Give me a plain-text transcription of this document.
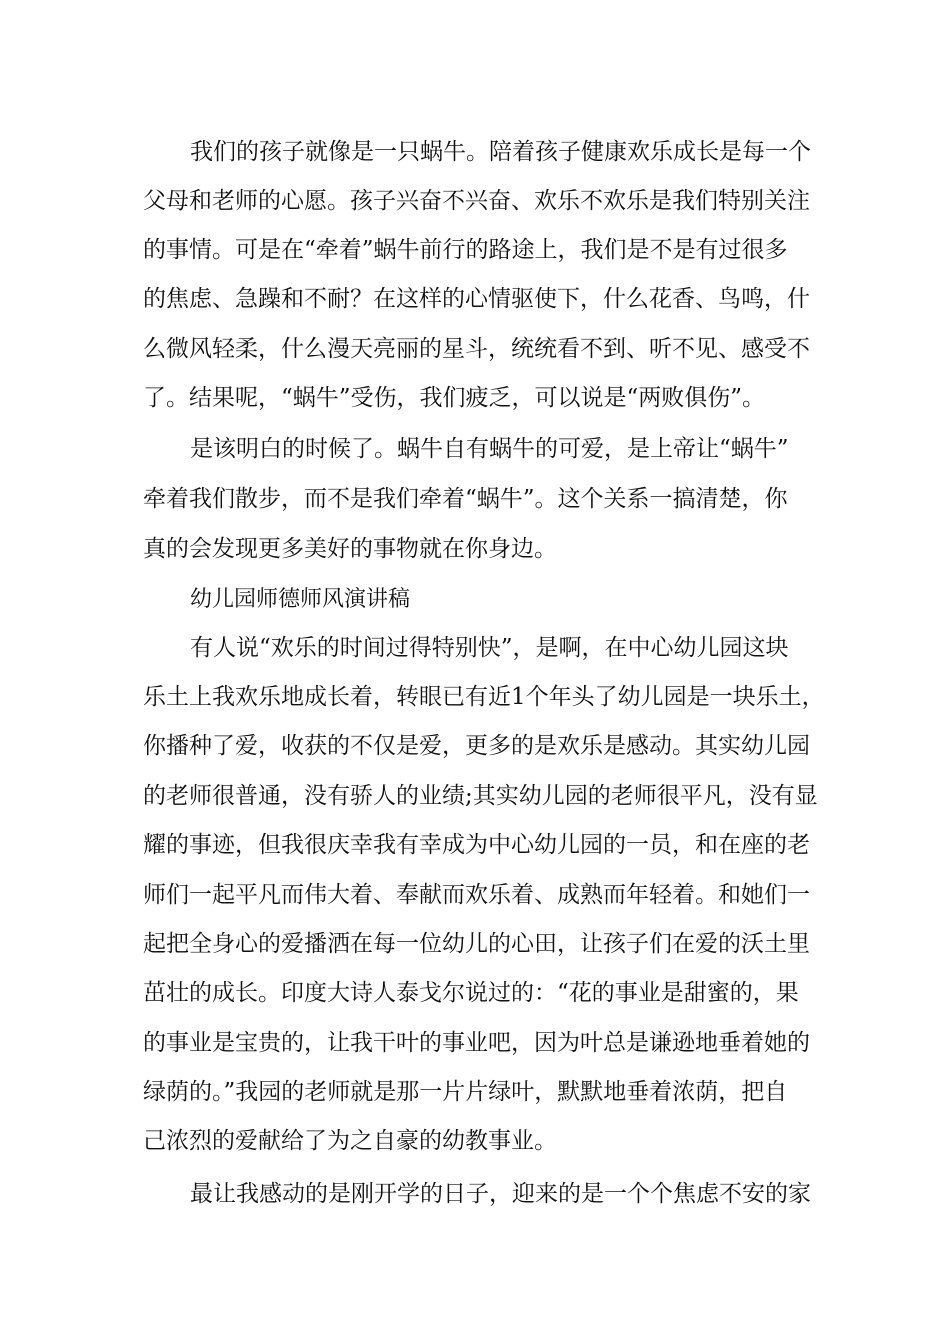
我们的孩子就像是一只蜗牛。陪着孩子健康欢乐成长是每一个
父母和老师的心愿。孩子兴奋不兴奋、欢乐不欢乐是我们特别关注
的事情。可是在“牵着”蜗牛前行的路途上，我们是不是有过很多
的焦虑、急躁和不耐？在这样的心情驱使下，什么花香、鸟鸣，什
么微风轻柔，什么漫天亮丽的星斗，统统看不到、听不见、感受不
了。结果呢，“蜗牛”受伤，我们疲乏，可以说是“两败俱伤”。
是该明白的时候了。蜗牛自有蜗牛的可爱，是上帝让“蜗牛”
牵着我们散步，而不是我们牵着“蜗牛”。这个关系一搞清楚，你
真的会发现更多美好的事物就在你身边。
幼儿园师德师风演讲稿
有人说“欢乐的时间过得特别快”，是啊，在中心幼儿园这块
乐土上我欢乐地成长着，转眼已有近1个年头了幼儿园是一块乐土，
你播种了爱，收获的不仅是爱，更多的是欢乐是感动。其实幼儿园
的老师很普通，没有骄人的业绩;其实幼儿园的老师很平凡，没有显
耀的事迹，但我很庆幸我有幸成为中心幼儿园的一员，和在座的老
师们一起平凡而伟大着、奉献而欢乐着、成熟而年轻着。和她们一
起把全身心的爱播洒在每一位幼儿的心田，让孩子们在爱的沃土里
茁壮的成长。印度大诗人泰戈尔说过的：“花的事业是甜蜜的，果
的事业是宝贵的，让我干叶的事业吧，因为叶总是谦逊地垂着她的
绿荫的。”我园的老师就是那一片片绿叶，默默地垂着浓荫，把自
己浓烈的爱献给了为之自豪的幼教事业。
最让我感动的是刚开学的日子，迎来的是一个个焦虑不安的家
